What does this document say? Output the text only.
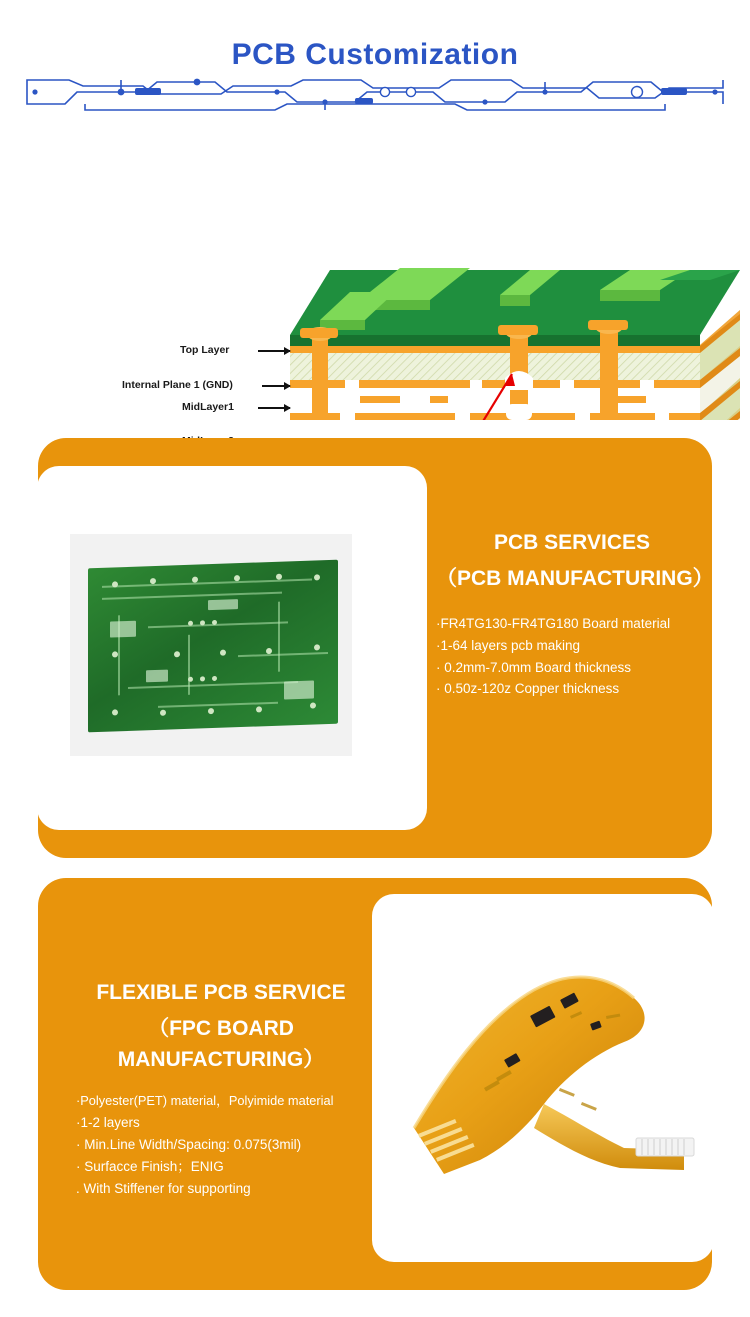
PCB Customization
Top Layer
Internal Plane 1 (GND)
MidLayer1
PCB SERVICES
（PCB MANUFACTURING）
·FR4TG130-FR4TG180 Board material
·1-64 layers pcb making
· 0.2mm-7.0mm Board thickness
· 0.50z-120z Copper thickness
FLEXIBLE PCB SERVICE
（FPC BOARD MANUFACTURING）
·Polyester(PET) material，Polyimide material
·1-2 layers
· Min.Line Width/Spacing: 0.075(3mil)
· Surfacce Finish；ENIG
. With Stiffener for supporting
